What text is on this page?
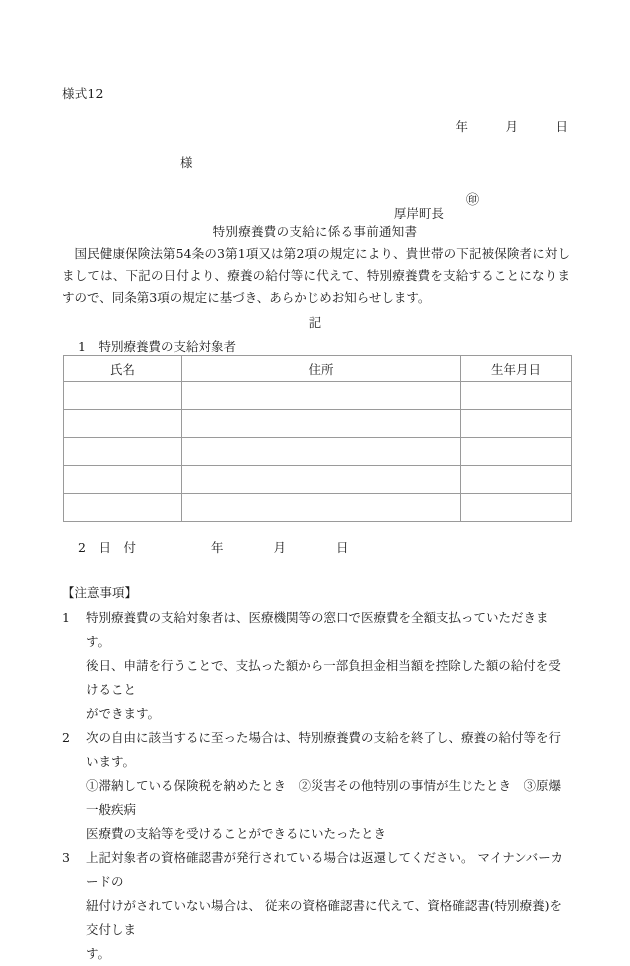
様式12
年　　　月　　　日
様

厚岸町長

㊞
特別療養費の支給に係る事前通知書
国民健康保険法第54条の3第1項又は第2項の規定により、貴世帯の下記被保険者に対しましては、下記の日付より、療養の給付等に代えて、特別療養費を支給することになりますので、同条第3項の規定に基づき、あらかじめお知らせします。
記
1　 特別療養費の支給対象者
氏名	住所	生年月日

2　 日　付　　　　　　	年　　　　月　　　　日
【注意事項】
1	特別療養費の支給対象者は、医療機関等の窓口で医療費を全額支払っていただきます。
後日、申請を行うことで、支払った額から一部負担金相当額を控除した額の給付を受けること
ができます。
2	次の自由に該当するに至った場合は、特別療養費の支給を終了し、療養の給付等を行います。
①滞納している保険税を納めたとき　②災害その他特別の事情が生じたとき　③原爆一般疾病
医療費の支給等を受けることができるにいたったとき
3	上記対象者の資格確認書が発行されている場合は返還してください。 マイナンバーカードの
紐付けがされていない場合は、 従来の資格確認書に代えて、資格確認書(特別療養)を交付しま
す。
